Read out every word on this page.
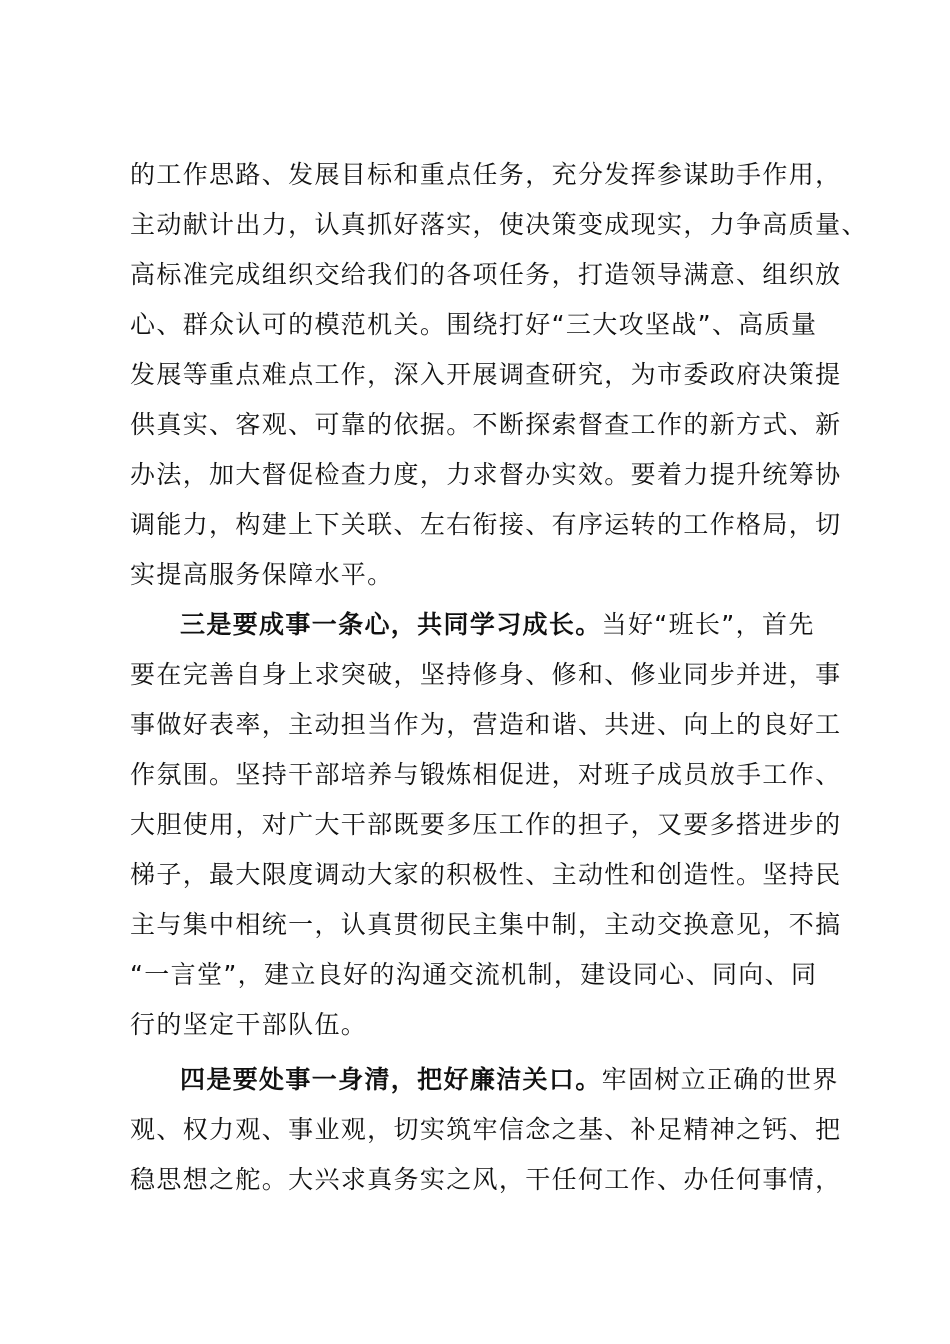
的工作思路、发展目标和重点任务，充分发挥参谋助手作用，
主动献计出力，认真抓好落实，使决策变成现实，力争高质量、
高标准完成组织交给我们的各项任务，打造领导满意、组织放
心、群众认可的模范机关。围绕打好“三大攻坚战”、高质量
发展等重点难点工作，深入开展调查研究，为市委政府决策提
供真实、客观、可靠的依据。不断探索督查工作的新方式、新
办法，加大督促检查力度，力求督办实效。要着力提升统筹协
调能力，构建上下关联、左右衔接、有序运转的工作格局，切
实提高服务保障水平。
三是要成事一条心，共同学习成长。当好“班长”，首先
要在完善自身上求突破，坚持修身、修和、修业同步并进，事
事做好表率，主动担当作为，营造和谐、共进、向上的良好工
作氛围。坚持干部培养与锻炼相促进，对班子成员放手工作、
大胆使用，对广大干部既要多压工作的担子，又要多搭进步的
梯子，最大限度调动大家的积极性、主动性和创造性。坚持民
主与集中相统一，认真贯彻民主集中制，主动交换意见，不搞
“一言堂”，建立良好的沟通交流机制，建设同心、同向、同
行的坚定干部队伍。
四是要处事一身清，把好廉洁关口。牢固树立正确的世界
观、权力观、事业观，切实筑牢信念之基、补足精神之钙、把
稳思想之舵。大兴求真务实之风，干任何工作、办任何事情，
